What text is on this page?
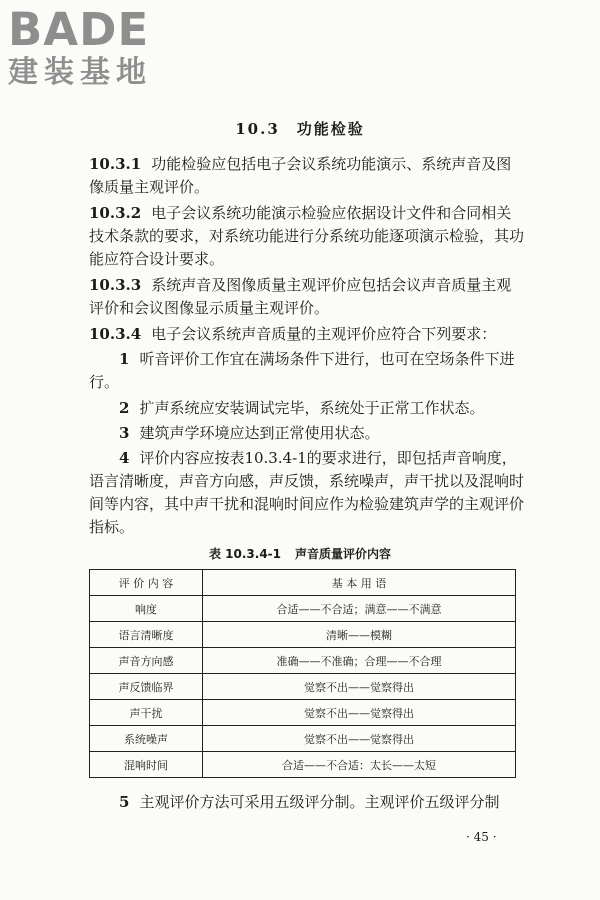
BADE
建装基地
10.3　功能检验

10.3.1 功能检验应包括电子会议系统功能演示、系统声音及图像质量主观评价。

10.3.2 电子会议系统功能演示检验应依据设计文件和合同相关技术条款的要求，对系统功能进行分系统功能逐项演示检验，其功能应符合设计要求。

10.3.3 系统声音及图像质量主观评价应包括会议声音质量主观评价和会议图像显示质量主观评价。

10.3.4 电子会议系统声音质量的主观评价应符合下列要求：

1 听音评价工作宜在满场条件下进行，也可在空场条件下进行。

2 扩声系统应安装调试完毕，系统处于正常工作状态。

3 建筑声学环境应达到正常使用状态。

4 评价内容应按表10.3.4-1的要求进行，即包括声音响度，语言清晰度，声音方向感，声反馈，系统噪声，声干扰以及混响时间等内容，其中声干扰和混响时间应作为检验建筑声学的主观评价指标。

表 10.3.4-1 声音质量评价内容
评 价 内 容	基 本 用 语
响度	合适——不合适；满意——不满意
语言清晰度	清晰——模糊
声音方向感	准确——不准确；合理——不合理
声反馈临界	觉察不出——觉察得出
声干扰	觉察不出——觉察得出
系统噪声	觉察不出——觉察得出
混响时间	合适——不合适：太长——太短

5 主观评价方法可采用五级评分制。主观评价五级评分制

· 45 ·
